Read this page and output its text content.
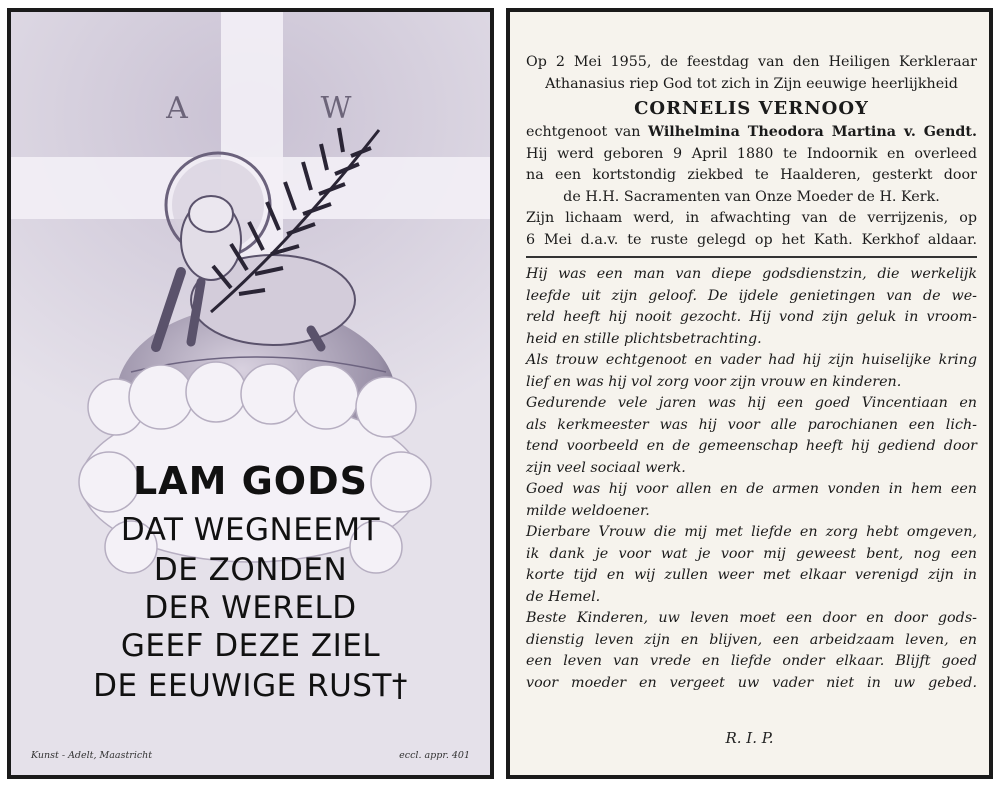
A	W
LAM GODS
DAT WEGNEEMT
DE ZONDEN
DER WERELD
GEEF DEZE ZIEL
DE EEUWIGE RUST†
Kunst - Adelt, Maastricht	eccl. appr. 401
Op 2 Mei 1955, de feestdag van den Heiligen Kerkleraar
Athanasius riep God tot zich in Zijn eeuwige heerlijkheid
CORNELIS VERNOOY
echtgenoot van Wilhelmina Theodora Martina v. Gendt.
Hij werd geboren 9 April 1880 te Indoornik en overleed
na een kortstondig ziekbed te Haalderen, gesterkt door
de H.H. Sacramenten van Onze Moeder de H. Kerk.
Zijn lichaam werd, in afwachting van de verrijzenis, op
6 Mei d.a.v. te ruste gelegd op het Kath. Kerkhof aldaar.
Hij was een man van diepe godsdienstzin, die werkelijk
leefde uit zijn geloof. De ijdele genietingen van de we-
reld heeft hij nooit gezocht. Hij vond zijn geluk in vroom-
heid en stille plichtsbetrachting.
Als trouw echtgenoot en vader had hij zijn huiselijke kring
lief en was hij vol zorg voor zijn vrouw en kinderen.
Gedurende vele jaren was hij een goed Vincentiaan en
als kerkmeester was hij voor alle parochianen een lich-
tend voorbeeld en de gemeenschap heeft hij gediend door
zijn veel sociaal werk.
Goed was hij voor allen en de armen vonden in hem een
milde weldoener.
Dierbare Vrouw die mij met liefde en zorg hebt omgeven,
ik dank je voor wat je voor mij geweest bent, nog een
korte tijd en wij zullen weer met elkaar verenigd zijn in
de Hemel.
Beste Kinderen, uw leven moet een door en door gods-
dienstig leven zijn en blijven, een arbeidzaam leven, en
een leven van vrede en liefde onder elkaar. Blijft goed
voor moeder en vergeet uw vader niet in uw gebed.
R. I. P.
